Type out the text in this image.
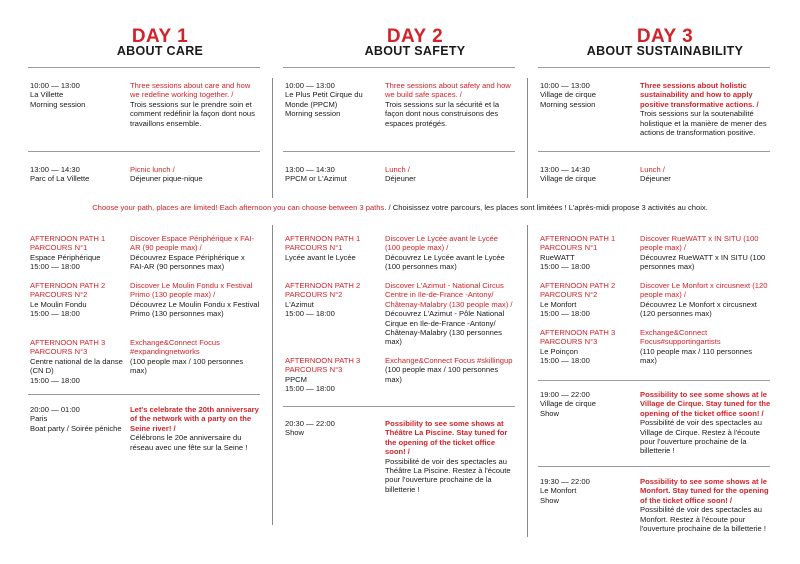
DAY 1
ABOUT CARE
DAY 2
ABOUT SAFETY
DAY 3
ABOUT SUSTAINABILITY
10:00 — 13:00
La Villette
Morning session
Three sessions about care and how we redefine working together. /
Trois sessions sur le prendre soin et comment redéfinir la façon dont nous travaillons ensemble.
13:00 — 14:30
Parc of La Villette
Picnic lunch /
Déjeuner pique-nique
AFTERNOON PATH 1
PARCOURS N°1
Espace Périphérique
15:00 — 18:00
Discover Espace Périphérique x FAI-AR (90 people max) /
Découvrez Espace Périphérique x FAI-AR (90 personnes max)
AFTERNOON PATH 2
PARCOURS N°2
Le Moulin Fondu
15:00 — 18:00
Discover Le Moulin Fondu x Festival Primo (130 people max) /
Découvrez Le Moulin Fondu x Festival Primo (130 personnes max)
AFTERNOON PATH 3
PARCOURS N°3
Centre national de la danse (CN D)
15:00 — 18:00
Exchange&Connect Focus #expandingnetworks
(100 people max / 100 personnes max)
20:00 — 01:00
Paris
Boat party / Soirée péniche
Let's celebrate the 20th anniversary of the network with a party on the Seine river! /
Célébrons le 20e anniversaire du réseau avec une fête sur la Seine !
10:00 — 13:00
Le Plus Petit Cirque du Monde (PPCM)
Morning session
Three sessions about safety and how we build safe spaces. /
Trois sessions sur la sécurité et la façon dont nous construisons des espaces protégés.
13:00 — 14:30
PPCM or L'Azimut
Lunch /
Déjeuner
AFTERNOON PATH 1
PARCOURS N°1
Lycée avant le Lycée
Discover Le Lycée avant le Lycée (100 people max) /
Découvrez Le Lycée avant le Lycée (100 personnes max)
AFTERNOON PATH 2
PARCOURS N°2
L'Azimut
15:00 — 18:00
Discover L'Azimut - National Circus Centre in Ile-de-France -Antony/ Châtenay-Malabry (130 people max) /
Découvrez L'Azimut - Pôle National Cirque en Ile-de-France -Antony/ Châtenay-Malabry (130 personnes max)
AFTERNOON PATH 3
PARCOURS N°3
PPCM
15:00 — 18:00
Exchange&Connect Focus #skillingup
(100 people max / 100 personnes max)
20:30 — 22:00
Show
Possibility to see some shows at Théâtre La Piscine. Stay tuned for the opening of the ticket office soon! /
Possibilité de voir des spectacles au Théâtre La Piscine. Restez à l'écoute pour l'ouverture prochaine de la billetterie !
10:00 — 13:00
Village de cirque
Morning session
Three sessions about holistic sustainability and how to apply positive transformative actions. /
Trois sessions sur la soutenabilité holistique et la manière de mener des actions de transformation positive.
13:00 — 14:30
Village de cirque
Lunch /
Déjeuner
AFTERNOON PATH 1
PARCOURS N°1
RueWATT
15:00 — 18:00
Discover RueWATT x IN SITU (100 people max) /
Découvrez RueWATT x IN SITU (100 personnes max)
AFTERNOON PATH 2
PARCOURS N°2
Le Monfort
15:00 — 18:00
Discover Le Monfort x circusnext (120 people max) /
Découvrez Le Monfort x circusnext (120 personnes max)
AFTERNOON PATH 3
PARCOURS N°3
Le Poinçon
15:00 — 18:00
Exchange&Connect Focus#supportingartists
(110 people max / 110 personnes max)
19:00 — 22:00
Village de cirque
Show
Possibility to see some shows at le Village de Cirque. Stay tuned for the opening of the ticket office soon! /
Possibilité de voir des spectacles au Village de Cirque. Restez à l'écoute pour l'ouverture prochaine de la billetterie !
19:30 — 22:00
Le Monfort
Show
Possibility to see some shows at le Monfort. Stay tuned for the opening of the ticket office soon! /
Possibilité de voir des spectacles au Monfort. Restez à l'écoute pour l'ouverture prochaine de la billetterie !
Choose your path, places are limited! Each afternoon you can choose between 3 paths. / Choisissez votre parcours, les places sont limitées ! L'après-midi propose 3 activités au choix.
